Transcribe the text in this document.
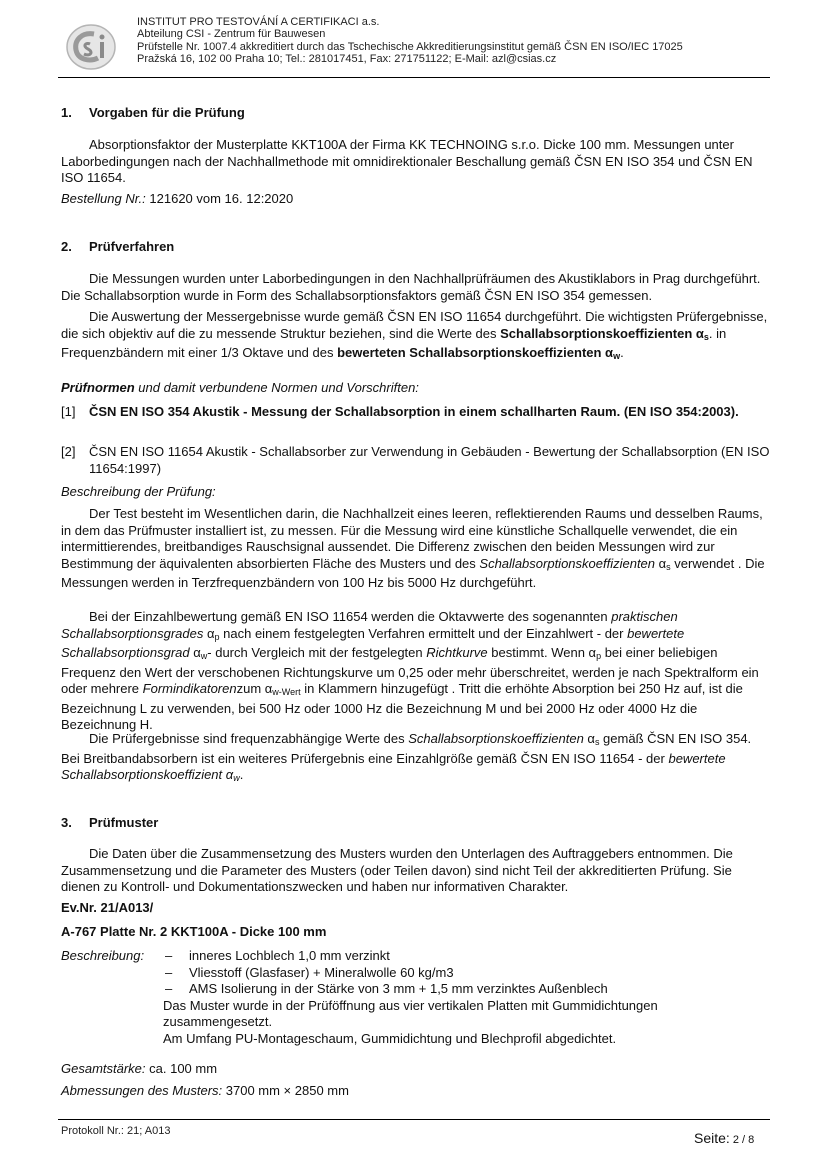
INSTITUT PRO TESTOVÁNÍ A CERTIFIKACI a.s.
Abteilung CSI - Zentrum für Bauwesen
Prüfstelle Nr. 1007.4 akkreditiert durch das Tschechische Akkreditierungsinstitut gemäß ČSN EN ISO/IEC 17025
Pražská 16, 102 00 Praha 10; Tel.: 281017451, Fax: 271751122; E-Mail: azl@csias.cz
1. Vorgaben für die Prüfung
Absorptionsfaktor der Musterplatte KKT100A der Firma KK TECHNOING s.r.o. Dicke 100 mm. Messungen unter Laborbedingungen nach der Nachhallmethode mit omnidirektionaler Beschallung gemäß ČSN EN ISO 354 und ČSN EN ISO 11654.
Bestellung Nr.: 121620 vom 16. 12:2020
2. Prüfverfahren
Die Messungen wurden unter Laborbedingungen in den Nachhallprüfräumen des Akustiklabors in Prag durchgeführt. Die Schallabsorption wurde in Form des Schallabsorptionsfaktors gemäß ČSN EN ISO 354 gemessen.
Die Auswertung der Messergebnisse wurde gemäß ČSN EN ISO 11654 durchgeführt. Die wichtigsten Prüfergebnisse, die sich objektiv auf die zu messende Struktur beziehen, sind die Werte des Schallabsorptionskoeffizienten $\alpha_s$. in Frequenzbändern mit einer 1/3 Oktave und des bewerteten Schallabsorptionskoeffizienten $\alpha_w$.
Prüfnormen und damit verbundene Normen und Vorschriften:
[1]	ČSN EN ISO 354 Akustik - Messung der Schallabsorption in einem schallharten Raum. (EN ISO 354:2003).
[2]	ČSN EN ISO 11654 Akustik - Schallabsorber zur Verwendung in Gebäuden - Bewertung der Schallabsorption (EN ISO 11654:1997)
Beschreibung der Prüfung:
Der Test besteht im Wesentlichen darin, die Nachhallzeit eines leeren, reflektierenden Raums und desselben Raums, in dem das Prüfmuster installiert ist, zu messen. Für die Messung wird eine künstliche Schallquelle verwendet, die ein intermittierendes, breitbandiges Rauschsignal aussendet. Die Differenz zwischen den beiden Messungen wird zur Bestimmung der äquivalenten absorbierten Fläche des Musters und des Schallabsorptionskoeffizienten $\alpha_s$ verwendet . Die Messungen werden in Terzfrequenzbändern von 100 Hz bis 5000 Hz durchgeführt.
Bei der Einzahlbewertung gemäß EN ISO 11654 werden die Oktavwerte des sogenannten praktischen Schallabsorptionsgrades $\alpha_p$ nach einem festgelegten Verfahren ermittelt und der Einzahlwert - der bewertete Schallabsorptionsgrad $\alpha_w-$ durch Vergleich mit der festgelegten Richtkurve bestimmt. Wenn $\alpha_p$ bei einer beliebigen Frequenz den Wert der verschobenen Richtungskurve um 0,25 oder mehr überschreitet, werden je nach Spektralform ein oder mehrere Formindikatorenzum $\alpha_{w-Wert}$ in Klammern hinzugefügt . Tritt die erhöhte Absorption bei 250 Hz auf, ist die Bezeichnung L zu verwenden, bei 500 Hz oder 1000 Hz die Bezeichnung M und bei 2000 Hz oder 4000 Hz die Bezeichnung H.
Die Prüfergebnisse sind frequenzabhängige Werte des Schallabsorptionskoeffizienten $\alpha_s$ gemäß ČSN EN ISO 354. Bei Breitbandabsorbern ist ein weiteres Prüfergebnis eine Einzahlgröße gemäß ČSN EN ISO 11654 - der bewertete Schallabsorptionskoeffizient $\alpha_w$.
3. Prüfmuster
Die Daten über die Zusammensetzung des Musters wurden den Unterlagen des Auftraggebers entnommen. Die Zusammensetzung und die Parameter des Musters (oder Teilen davon) sind nicht Teil der akkreditierten Prüfung. Sie dienen zu Kontroll- und Dokumentationszwecken und haben nur informativen Charakter.
Ev.Nr. 21/A013/
A-767 Platte Nr. 2 KKT100A - Dicke 100 mm
Beschreibung:	–	inneres Lochblech 1,0 mm verzinkt
–	Vliesstoff (Glasfaser) + Mineralwolle 60 kg/m3
–	AMS Isolierung in der Stärke von 3 mm + 1,5 mm verzinktes Außenblech
Das Muster wurde in der Prüföffnung aus vier vertikalen Platten mit Gummidichtungen zusammengesetzt.
Am Umfang PU-Montageschaum, Gummidichtung und Blechprofil abgedichtet.
Gesamtstärke: ca. 100 mm
Abmessungen des Musters: 3700 mm × 2850 mm
Protokoll Nr.: 21; A013	Seite: 2 / 8
